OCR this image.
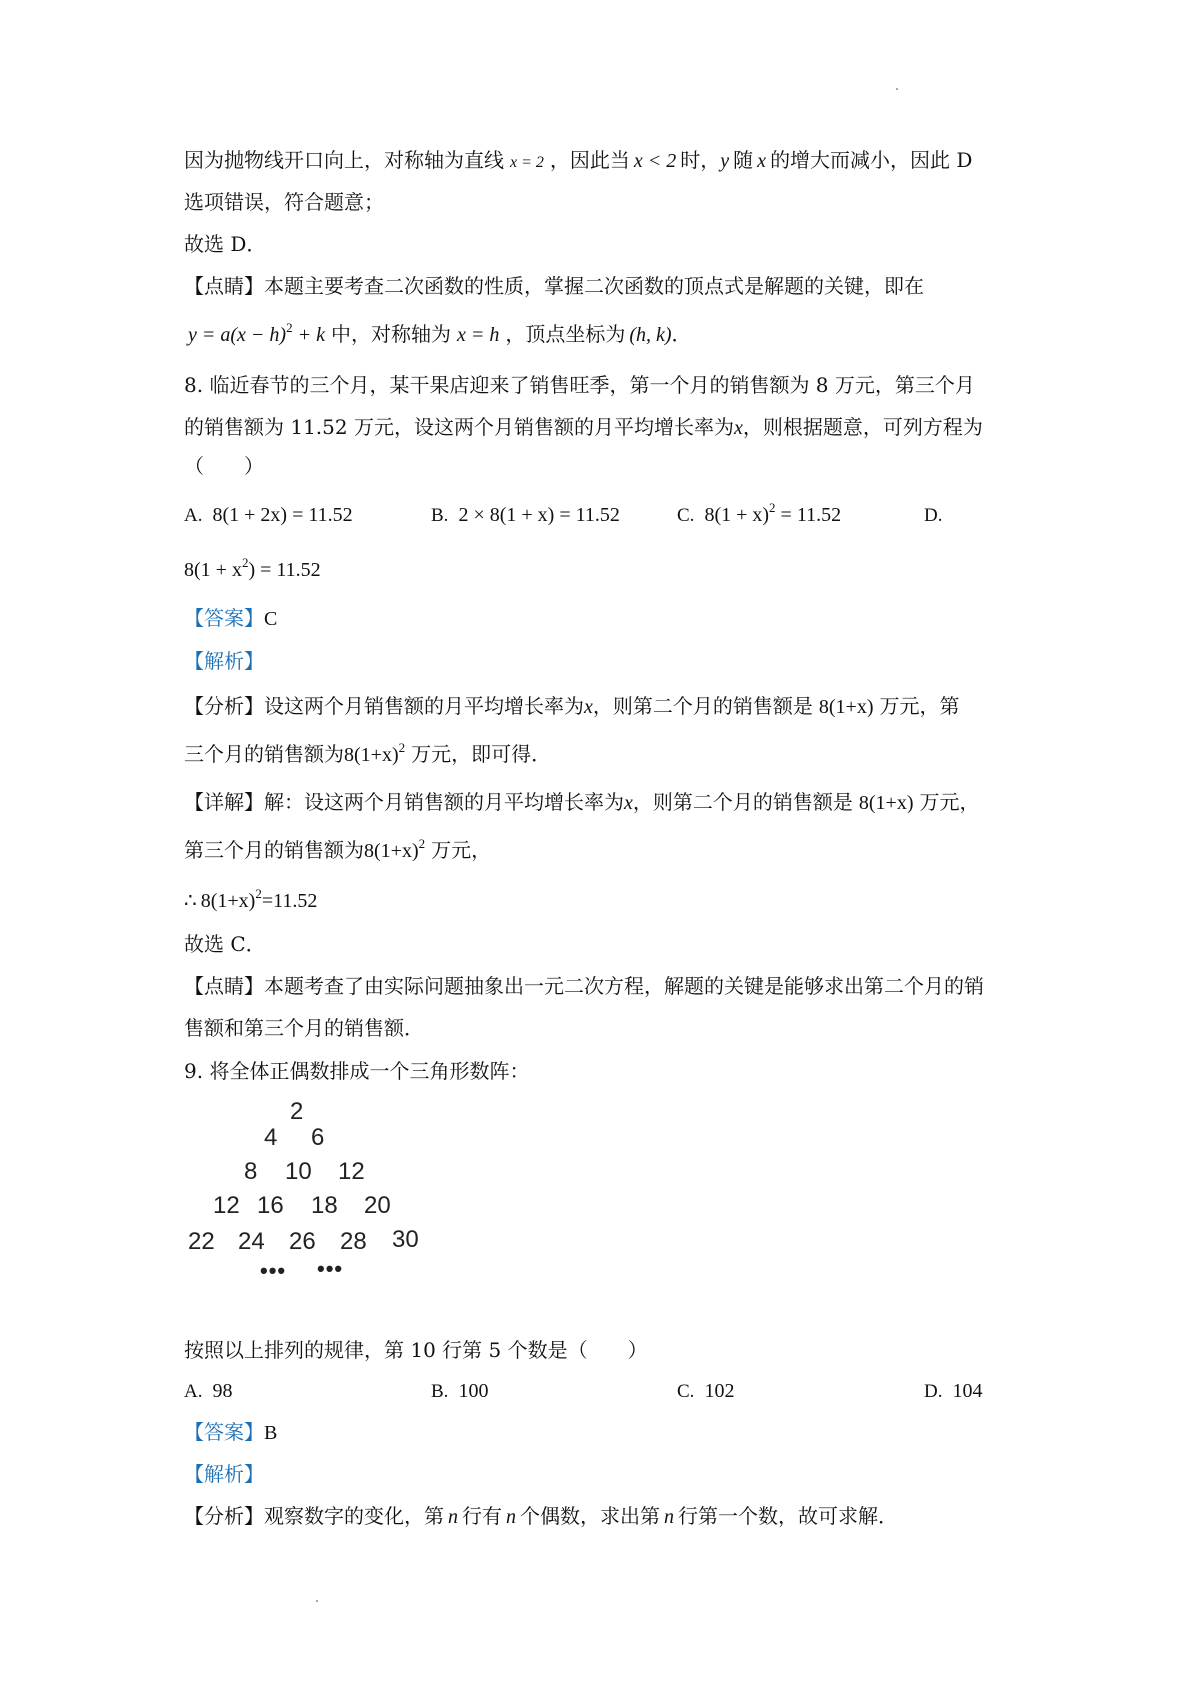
因为抛物线开口向上，对称轴为直线 x = 2 ，因此当 x < 2 时，y 随 x 的增大而减小，因此 D
选项错误，符合题意；
故选 D．
【点睛】本题主要考查二次函数的性质，掌握二次函数的顶点式是解题的关键，即在
$y = a(x - h)^2 + k$ 中，对称轴为 x = h ，顶点坐标为 (h, k)．
8. 临近春节的三个月，某干果店迎来了销售旺季，第一个月的销售额为 8 万元，第三个月
的销售额为 11.52 万元，设这两个月销售额的月平均增长率为x，则根据题意，可列方程为
（　　）
A. 8(1 + 2x) = 11.52	B. 2 × 8(1 + x) = 11.52	C. $8(1 + x)^2 = 11.52$	D.
$8(1 + x^2) = 11.52$
【答案】C
【解析】
【分析】设这两个月销售额的月平均增长率为x，则第二个月的销售额是 8(1+x) 万元，第
三个月的销售额为$8(1+x)^2$ 万元，即可得．
【详解】解：设这两个月销售额的月平均增长率为x，则第二个月的销售额是 8(1+x) 万元，
第三个月的销售额为$8(1+x)^2$ 万元，
∴ $8(1+x)^2=11.52$
故选 C．
【点睛】本题考查了由实际问题抽象出一元二次方程，解题的关键是能够求出第二个月的销
售额和第三个月的销售额．
9. 将全体正偶数排成一个三角形数阵：
2
4 6
8 10 12
12 16 18 20
22 24 26 28 30
••• •••
按照以上排列的规律，第 10 行第 5 个数是（　　）
A. 98	B. 100	C. 102	D. 104
【答案】B
【解析】
【分析】观察数字的变化，第 n 行有 n 个偶数，求出第 n 行第一个数，故可求解．
